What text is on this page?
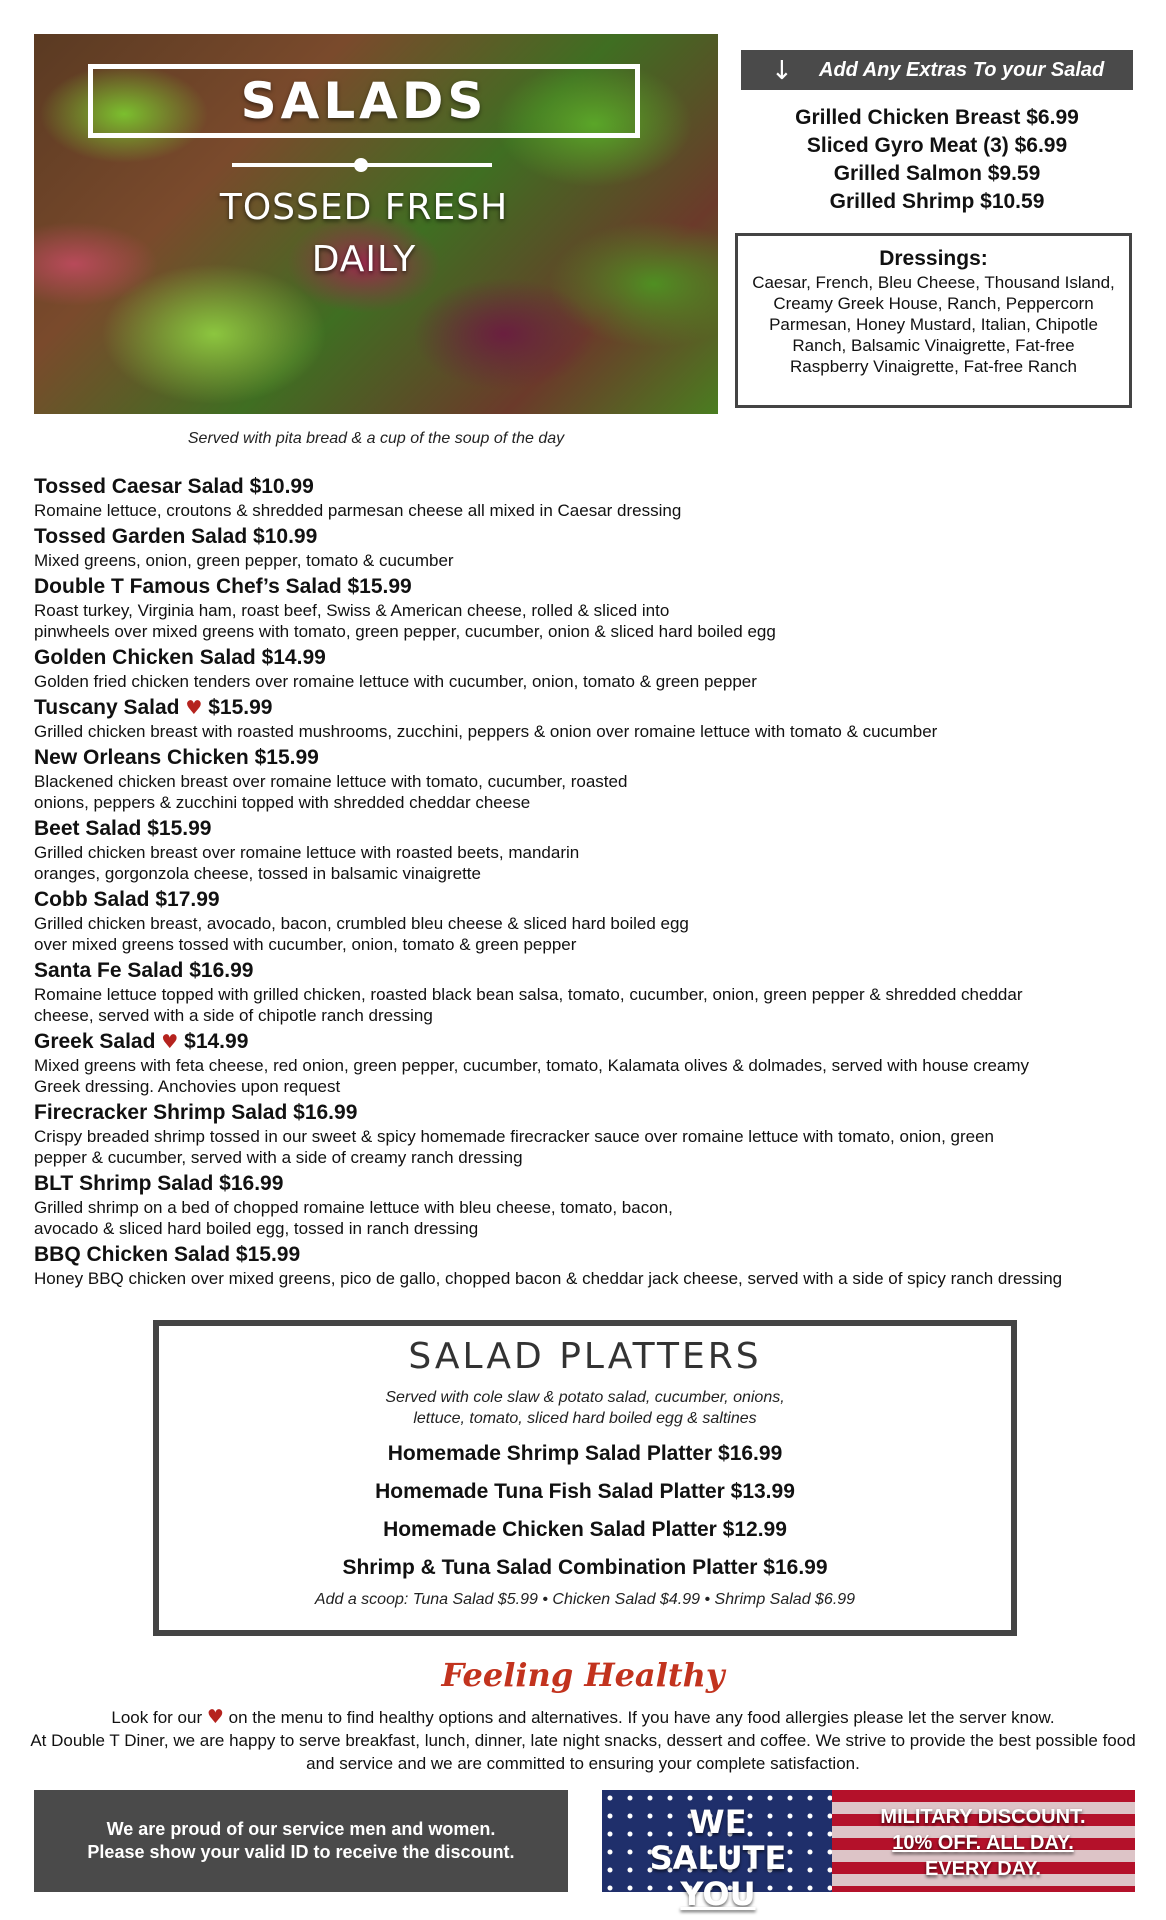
SALADS
TOSSED FRESH
DAILY
Served with pita bread & a cup of the soup of the day
↓ Add Any Extras To your Salad
Grilled Chicken Breast $6.99
Sliced Gyro Meat (3) $6.99
Grilled Salmon $9.59
Grilled Shrimp $10.59
Dressings:
Caesar, French, Bleu Cheese, Thousand Island, Creamy Greek House, Ranch, Peppercorn Parmesan, Honey Mustard, Italian, Chipotle Ranch, Balsamic Vinaigrette, Fat-free Raspberry Vinaigrette, Fat-free Ranch
Tossed Caesar Salad $10.99
Romaine lettuce, croutons & shredded parmesan cheese all mixed in Caesar dressing
Tossed Garden Salad $10.99
Mixed greens, onion, green pepper, tomato & cucumber
Double T Famous Chef’s Salad $15.99
Roast turkey, Virginia ham, roast beef, Swiss & American cheese, rolled & sliced into
pinwheels over mixed greens with tomato, green pepper, cucumber, onion & sliced hard boiled egg
Golden Chicken Salad $14.99
Golden fried chicken tenders over romaine lettuce with cucumber, onion, tomato & green pepper
Tuscany Salad ♥ $15.99
Grilled chicken breast with roasted mushrooms, zucchini, peppers & onion over romaine lettuce with tomato & cucumber
New Orleans Chicken $15.99
Blackened chicken breast over romaine lettuce with tomato, cucumber, roasted
onions, peppers & zucchini topped with shredded cheddar cheese
Beet Salad $15.99
Grilled chicken breast over romaine lettuce with roasted beets, mandarin
oranges, gorgonzola cheese, tossed in balsamic vinaigrette
Cobb Salad $17.99
Grilled chicken breast, avocado, bacon, crumbled bleu cheese & sliced hard boiled egg
over mixed greens tossed with cucumber, onion, tomato & green pepper
Santa Fe Salad $16.99
Romaine lettuce topped with grilled chicken, roasted black bean salsa, tomato, cucumber, onion, green pepper & shredded cheddar
cheese, served with a side of chipotle ranch dressing
Greek Salad ♥ $14.99
Mixed greens with feta cheese, red onion, green pepper, cucumber, tomato, Kalamata olives & dolmades, served with house creamy
Greek dressing. Anchovies upon request
Firecracker Shrimp Salad $16.99
Crispy breaded shrimp tossed in our sweet & spicy homemade firecracker sauce over romaine lettuce with tomato, onion, green
pepper & cucumber, served with a side of creamy ranch dressing
BLT Shrimp Salad $16.99
Grilled shrimp on a bed of chopped romaine lettuce with bleu cheese, tomato, bacon,
avocado & sliced hard boiled egg, tossed in ranch dressing
BBQ Chicken Salad $15.99
Honey BBQ chicken over mixed greens, pico de gallo, chopped bacon & cheddar jack cheese, served with a side of spicy ranch dressing
SALAD PLATTERS
Served with cole slaw & potato salad, cucumber, onions,
lettuce, tomato, sliced hard boiled egg & saltines
Homemade Shrimp Salad Platter $16.99
Homemade Tuna Fish Salad Platter $13.99
Homemade Chicken Salad Platter $12.99
Shrimp & Tuna Salad Combination Platter $16.99
Add a scoop: Tuna Salad $5.99 • Chicken Salad $4.99 • Shrimp Salad $6.99
Feeling Healthy
Look for our ♥ on the menu to find healthy options and alternatives. If you have any food allergies please let the server know.
At Double T Diner, we are happy to serve breakfast, lunch, dinner, late night snacks, dessert and coffee. We strive to provide the best possible food and service and we are committed to ensuring your complete satisfaction.
We are proud of our service men and women.
Please show your valid ID to receive the discount.
WE SALUTE
YOU
MILITARY DISCOUNT.
10% OFF. ALL DAY.
EVERY DAY.
